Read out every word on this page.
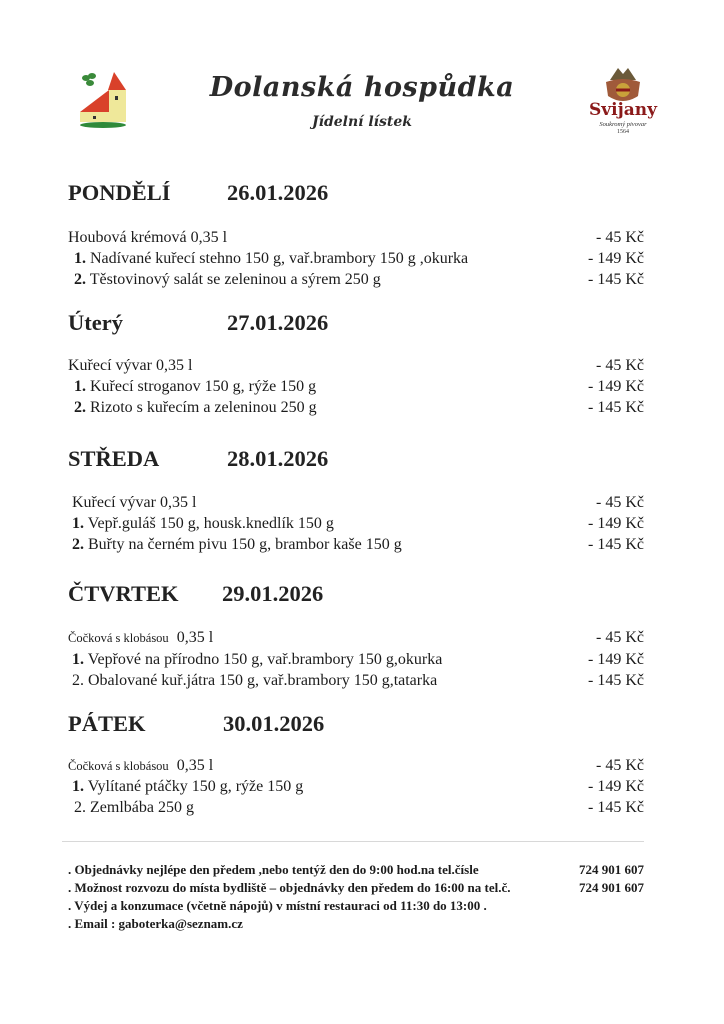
Dolanská hospůdka
Jídelní lístek
Svijany
Soukromý pivovar
1564
PONDĚLÍ	26.01.2026
Houbová krémová 0,35 l	- 45 Kč
1. Nadívané kuřecí stehno 150 g, vař.brambory 150 g ,okurka	- 149 Kč
2. Těstovinový salát se zeleninou a sýrem 250 g	- 145 Kč
Úterý	27.01.2026
Kuřecí vývar 0,35 l	- 45 Kč
1. Kuřecí stroganov 150 g, rýže 150 g	- 149 Kč
2. Rizoto s kuřecím a zeleninou 250 g	- 145 Kč
STŘEDA	28.01.2026
Kuřecí vývar 0,35 l	- 45 Kč
1. Vepř.guláš 150 g, housk.knedlík 150 g	- 149 Kč
2. Buřty na černém pivu 150 g, brambor kaše 150 g	- 145 Kč
ČTVRTEK 29.01.2026
Čočková s klobásou 0,35 l	- 45 Kč
1. Vepřové na přírodno 150 g, vař.brambory 150 g,okurka	- 149 Kč
2. Obalované kuř.játra 150 g, vař.brambory 150 g,tatarka	- 145 Kč
PÁTEK	30.01.2026
Čočková s klobásou 0,35 l	- 45 Kč
1. Vylítané ptáčky 150 g, rýže 150 g	- 149 Kč
2. Zemlbába 250 g	- 145 Kč
. Objednávky nejlépe den předem ,nebo tentýž den do 9:00 hod.na tel.čísle	724 901 607
. Možnost rozvozu do místa bydliště – objednávky den předem do 16:00 na tel.č.	724 901 607
. Výdej a konzumace (včetně nápojů) v místní restauraci od 11:30 do 13:00 .
. Email : gaboterka@seznam.cz
